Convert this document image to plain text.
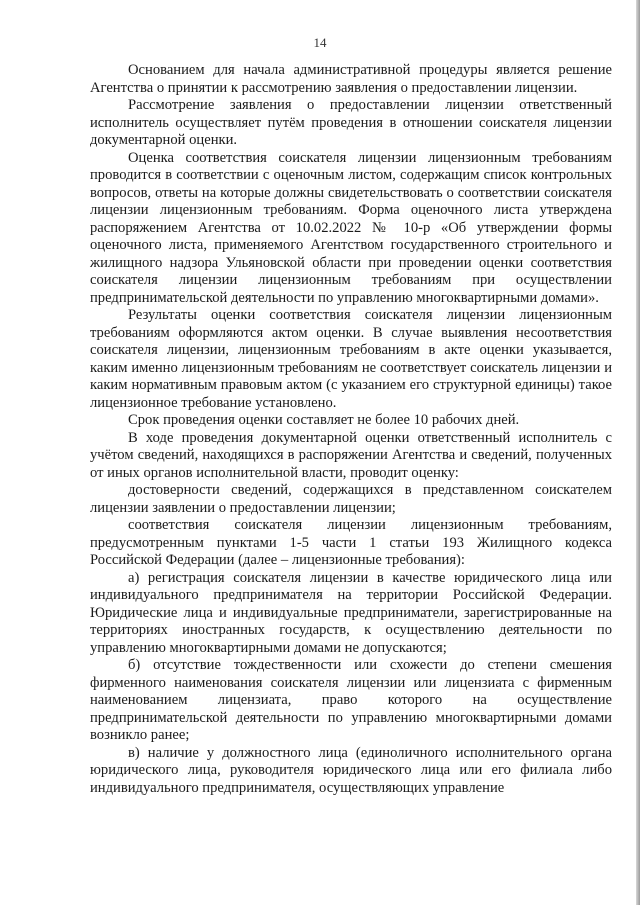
14

Основанием для начала административной процедуры является решение Агентства о принятии к рассмотрению заявления о предоставлении лицензии.

Рассмотрение заявления о предоставлении лицензии ответственный исполнитель осуществляет путём проведения в отношении соискателя лицензии документарной оценки.

Оценка соответствия соискателя лицензии лицензионным требованиям проводится в соответствии с оценочным листом, содержащим список контрольных вопросов, ответы на которые должны свидетельствовать о соответствии соискателя лицензии лицензионным требованиям. Форма оценочного листа утверждена распоряжением Агентства от 10.02.2022 № 10-р «Об утверждении формы оценочного листа, применяемого Агентством государственного строительного и жилищного надзора Ульяновской области при проведении оценки соответствия соискателя лицензии лицензионным требованиям при осуществлении предпринимательской деятельности по управлению многоквартирными домами».

Результаты оценки соответствия соискателя лицензии лицензионным требованиям оформляются актом оценки. В случае выявления несоответствия соискателя лицензии, лицензионным требованиям в акте оценки указывается, каким именно лицензионным требованиям не соответствует соискатель лицензии и каким нормативным правовым актом (с указанием его структурной единицы) такое лицензионное требование установлено.

Срок проведения оценки составляет не более 10 рабочих дней.

В ходе проведения документарной оценки ответственный исполнитель с учётом сведений, находящихся в распоряжении Агентства и сведений, полученных от иных органов исполнительной власти, проводит оценку:

достоверности сведений, содержащихся в представленном соискателем лицензии заявлении о предоставлении лицензии;

соответствия соискателя лицензии лицензионным требованиям, предусмотренным пунктами 1-5 части 1 статьи 193 Жилищного кодекса Российской Федерации (далее – лицензионные требования):

а) регистрация соискателя лицензии в качестве юридического лица или индивидуального предпринимателя на территории Российской Федерации. Юридические лица и индивидуальные предприниматели, зарегистрированные на территориях иностранных государств, к осуществлению деятельности по управлению многоквартирными домами не допускаются;

б) отсутствие тождественности или схожести до степени смешения фирменного наименования соискателя лицензии или лицензиата с фирменным наименованием лицензиата, право которого на осуществление предпринимательской деятельности по управлению многоквартирными домами возникло ранее;

в) наличие у должностного лица (единоличного исполнительного органа юридического лица, руководителя юридического лица или его филиала либо индивидуального предпринимателя, осуществляющих управление
